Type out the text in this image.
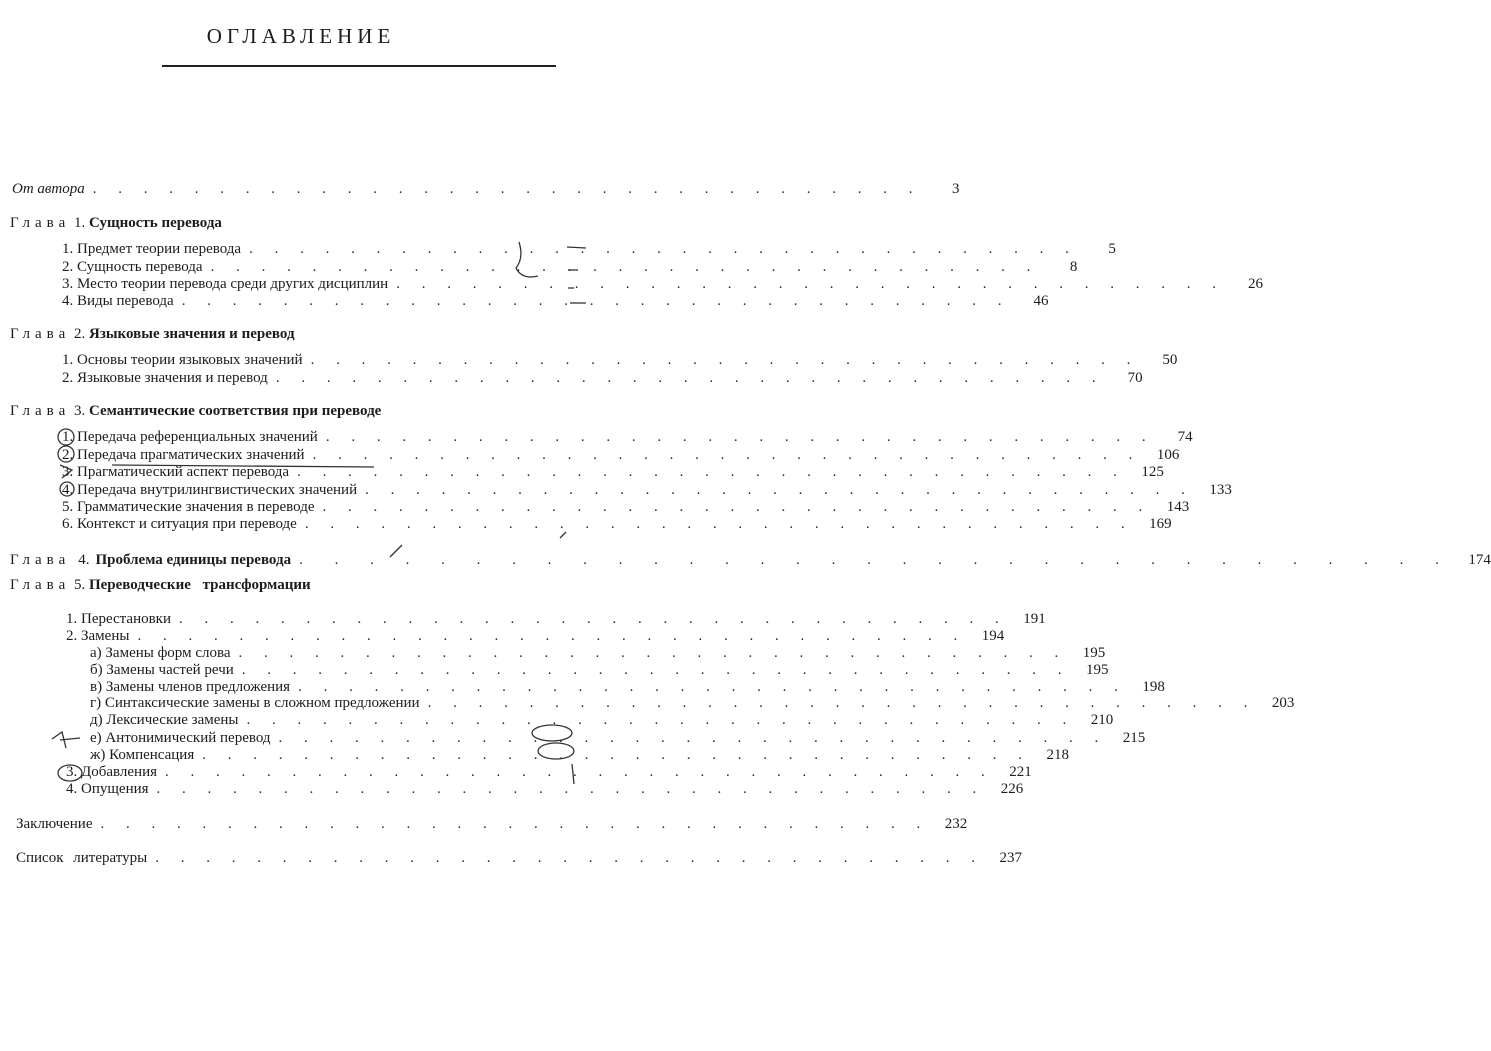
ОГЛАВЛЕНИЕ
От автора . . . . . . . . . . . . . . . . . . . . . . . . . . . . . . . . .	3
Глава 1. Сущность перевода
1. Предмет теории перевода . . . . . . . . . . . . . . . . . . . . . . . . . . . . . . . . .	5
2. Сущность перевода . . . . . . . . . . . . . . . . . . . . . . . . . . . . . . . . .	8
3. Место теории перевода среди других дисциплин . . . . . . . . . . . . . . . . . . . . . . . . . . . . . . . . .	26
4. Виды перевода . . . . . . . . . . . . . . . . . . . . . . . . . . . . . . . . .	46
Глава 2. Языковые значения и перевод
1. Основы теории языковых значений . . . . . . . . . . . . . . . . . . . . . . . . . . . . . . . . .	50
2. Языковые значения и перевод . . . . . . . . . . . . . . . . . . . . . . . . . . . . . . . . .	70
Глава 3. Семантические соответствия при переводе
1. Передача референциальных значений . . . . . . . . . . . . . . . . . . . . . . . . . . . . . . . . .	74
2. Передача прагматических значений . . . . . . . . . . . . . . . . . . . . . . . . . . . . . . . . .	106
3. Прагматический аспект перевода . . . . . . . . . . . . . . . . . . . . . . . . . . . . . . . . .	125
4. Передача внутрилингвистических значений . . . . . . . . . . . . . . . . . . . . . . . . . . . . . . . . .	133
5. Грамматические значения в переводе . . . . . . . . . . . . . . . . . . . . . . . . . . . . . . . . .	143
6. Контекст и ситуация при переводе . . . . . . . . . . . . . . . . . . . . . . . . . . . . . . . . .	169
Глава 4. Проблема единицы перевода . . . . . . . . . . . . . . . . . . . . . . . . . . . . . . . . .	174
Глава 5. Переводческие трансформации
1. Перестановки . . . . . . . . . . . . . . . . . . . . . . . . . . . . . . . . .	191
2. Замены . . . . . . . . . . . . . . . . . . . . . . . . . . . . . . . . .	194
а) Замены форм слова . . . . . . . . . . . . . . . . . . . . . . . . . . . . . . . . .	195
б) Замены частей речи . . . . . . . . . . . . . . . . . . . . . . . . . . . . . . . . .	195
в) Замены членов предложения . . . . . . . . . . . . . . . . . . . . . . . . . . . . . . . . .	198
г) Синтаксические замены в сложном предложении . . . . . . . . . . . . . . . . . . . . . . . . . . . . . . . . .	203
д) Лексические замены . . . . . . . . . . . . . . . . . . . . . . . . . . . . . . . . .	210
е) Антонимический перевод . . . . . . . . . . . . . . . . . . . . . . . . . . . . . . . . .	215
ж) Компенсация . . . . . . . . . . . . . . . . . . . . . . . . . . . . . . . . .	218
3. Добавления . . . . . . . . . . . . . . . . . . . . . . . . . . . . . . . . .	221
4. Опущения . . . . . . . . . . . . . . . . . . . . . . . . . . . . . . . . .	226
Заключение . . . . . . . . . . . . . . . . . . . . . . . . . . . . . . . . .	232
Список литературы . . . . . . . . . . . . . . . . . . . . . . . . . . . . . . . . .	237
